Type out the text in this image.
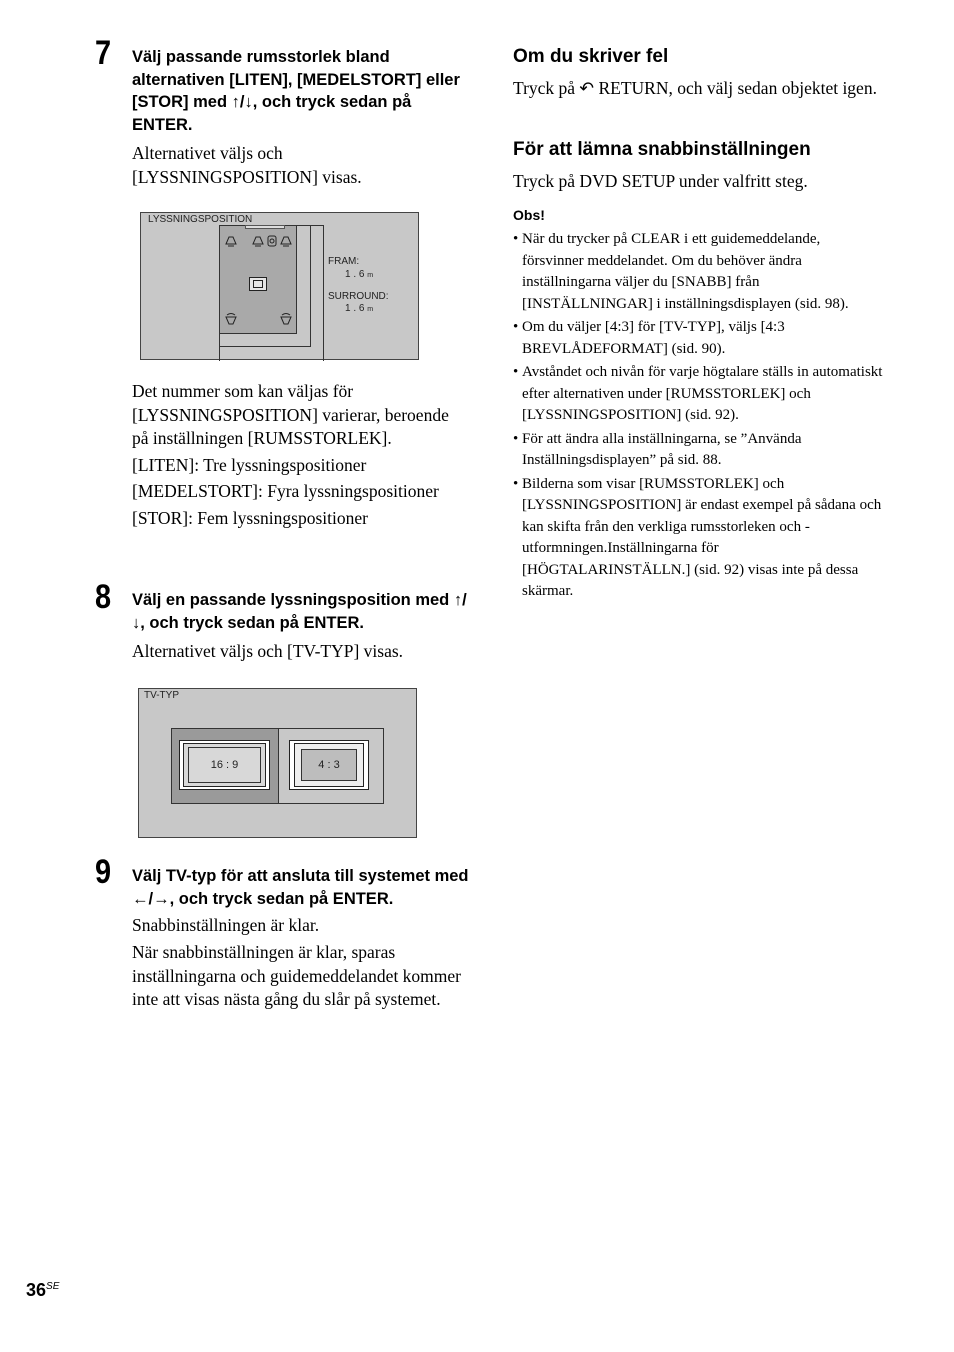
7 Välj passande rumsstorlek bland alternativen [LITEN], [MEDELSTORT] eller [STOR] med ↑/↓, och tryck sedan på ENTER.
Alternativet väljs och [LYSSNINGSPOSITION] visas.
LYSSNINGSPOSITION
FRAM:
1 . 6 m
SURROUND:
1 . 6 m

Det nummer som kan väljas för [LYSSNINGSPOSITION] varierar, beroende på inställningen [RUMSSTORLEK].

[LITEN]: Tre lyssningspositioner

[MEDELSTORT]: Fyra lyssningspositioner

[STOR]: Fem lyssningspositioner

8 Välj en passande lyssningsposition med ↑/↓, och tryck sedan på ENTER.
Alternativet väljs och [TV-TYP] visas.
TV-TYP
16 : 9	4 : 3
9 Välj TV-typ för att ansluta till systemet med ←/→, och tryck sedan på ENTER.
Snabbinställningen är klar.
När snabbinställningen är klar, sparas inställningarna och guidemeddelandet kommer inte att visas nästa gång du slår på systemet.
Om du skriver fel
Tryck på ↶ RETURN, och välj sedan objektet igen.
För att lämna snabbinställningen
Tryck på DVD SETUP under valfritt steg.
Obs!
• När du trycker på CLEAR i ett guidemeddelande, försvinner meddelandet. Om du behöver ändra inställningarna väljer du [SNABB] från [INSTÄLLNINGAR] i inställningsdisplayen (sid. 98).
• Om du väljer [4:3] för [TV-TYP], väljs [4:3 BREVLÅDEFORMAT] (sid. 90).
• Avståndet och nivån för varje högtalare ställs in automatiskt efter alternativen under [RUMSSTORLEK] och [LYSSNINGSPOSITION] (sid. 92).
• För att ändra alla inställningarna, se ”Använda Inställningsdisplayen” på sid. 88.
• Bilderna som visar [RUMSSTORLEK] och [LYSSNINGSPOSITION] är endast exempel på sådana och kan skifta från den verkliga rumsstorleken och -utformningen.Inställningarna för [HÖGTALARINSTÄLLN.] (sid. 92) visas inte på dessa skärmar.
$36^{SE}$
